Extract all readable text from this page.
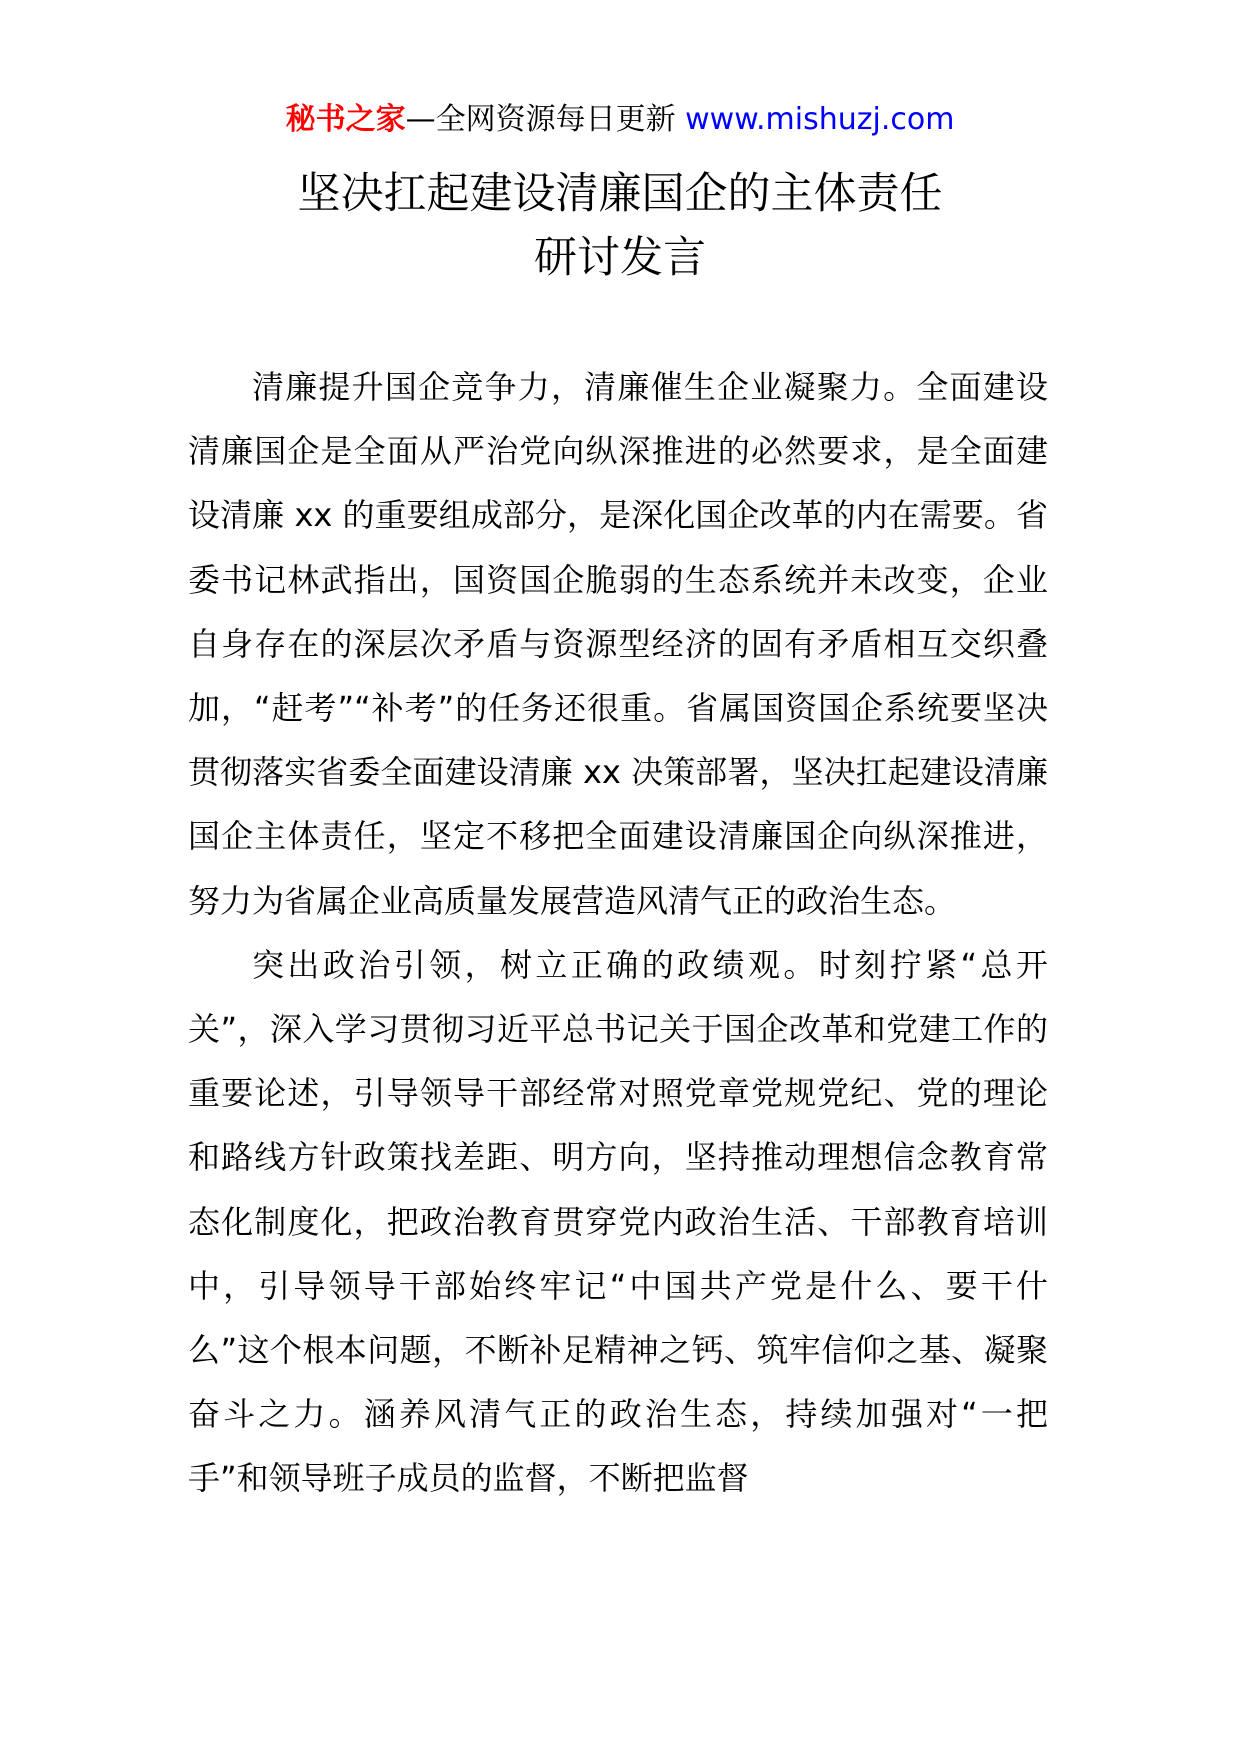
秘书之家—全网资源每日更新 www.mishuzj.com
坚决扛起建设清廉国企的主体责任
研讨发言

清廉提升国企竞争力，清廉催生企业凝聚力。全面建设清廉国企是全面从严治党向纵深推进的必然要求，是全面建设清廉 xx 的重要组成部分，是深化国企改革的内在需要。省委书记林武指出，国资国企脆弱的生态系统并未改变，企业自身存在的深层次矛盾与资源型经济的固有矛盾相互交织叠加，“赶考”“补考”的任务还很重。省属国资国企系统要坚决贯彻落实省委全面建设清廉 xx 决策部署，坚决扛起建设清廉国企主体责任，坚定不移把全面建设清廉国企向纵深推进，努力为省属企业高质量发展营造风清气正的政治生态。

突出政治引领，树立正确的政绩观。时刻拧紧“总开关”，深入学习贯彻习近平总书记关于国企改革和党建工作的重要论述，引导领导干部经常对照党章党规党纪、党的理论和路线方针政策找差距、明方向，坚持推动理想信念教育常态化制度化，把政治教育贯穿党内政治生活、干部教育培训中，引导领导干部始终牢记“中国共产党是什么、要干什么”这个根本问题，不断补足精神之钙、筑牢信仰之基、凝聚奋斗之力。涵养风清气正的政治生态，持续加强对“一把手”和领导班子成员的监督，不断把监督
